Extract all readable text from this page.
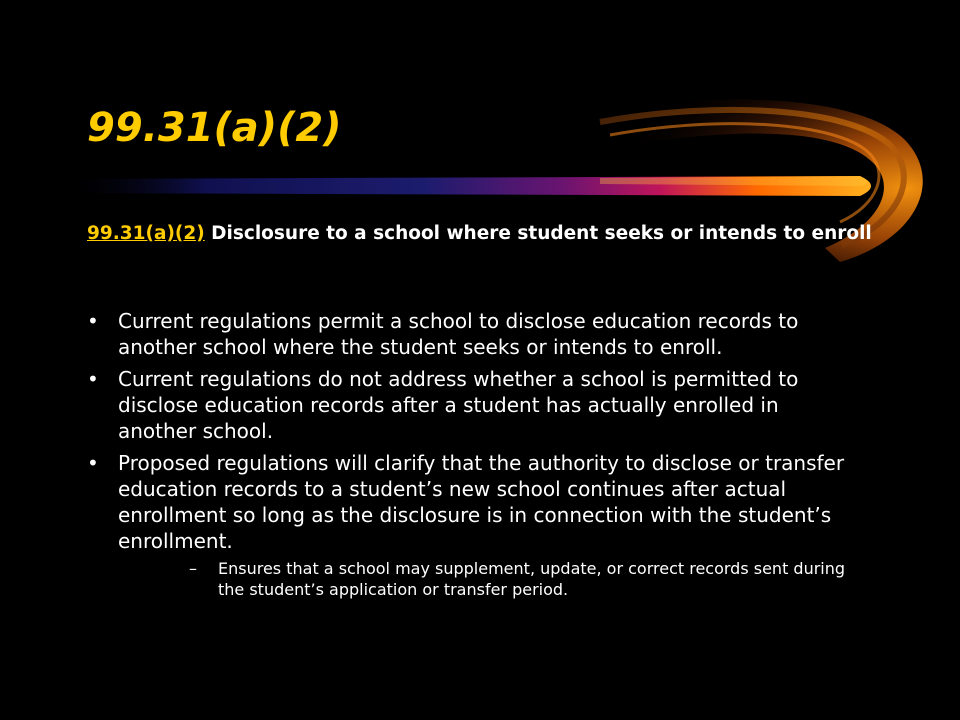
99.31(a)(2)
99.31(a)(2) Disclosure to a school where student seeks or intends to enroll
• Current regulations permit a school to disclose education records to another school where the student seeks or intends to enroll.
• Current regulations do not address whether a school is permitted to disclose education records after a student has actually enrolled in another school.
• Proposed regulations will clarify that the authority to disclose or transfer education records to a student’s new school continues after actual enrollment so long as the disclosure is in connection with the student’s enrollment.
– Ensures that a school may supplement, update, or correct records sent during the student’s application or transfer period.
